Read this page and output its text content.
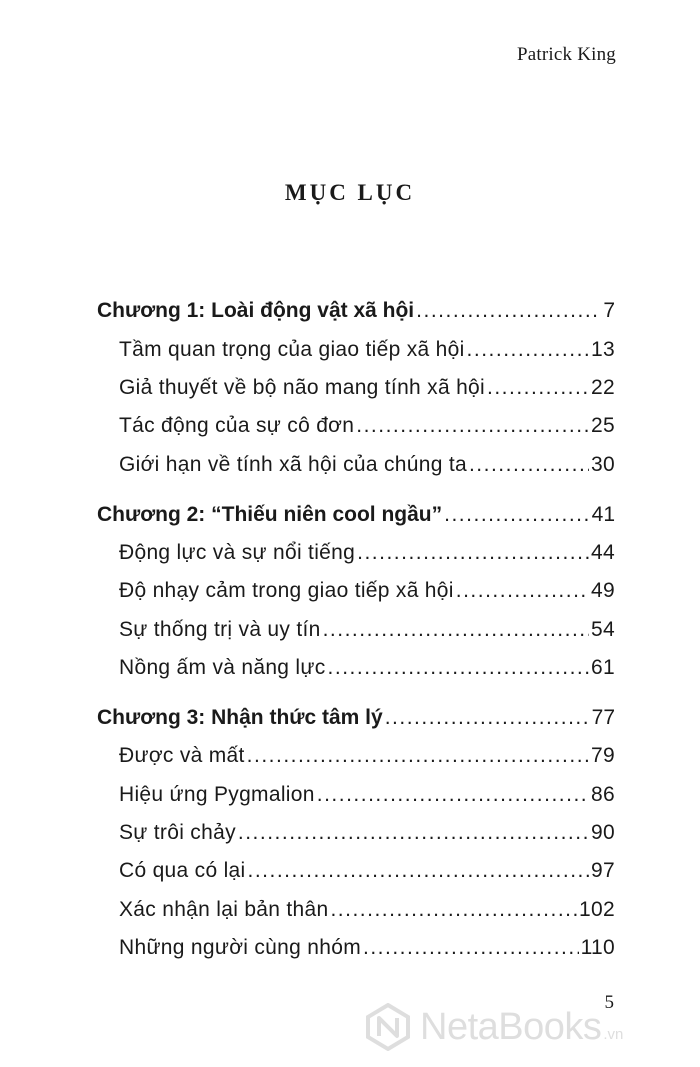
Patrick King
MỤC LỤC
Chương 1: Loài động vật xã hội .....	7
Tầm quan trọng của giao tiếp xã hội .....	13
Giả thuyết về bộ não mang tính xã hội .....	22
Tác động của sự cô đơn .....	25
Giới hạn về tính xã hội của chúng ta .....	30
Chương 2: “Thiếu niên cool ngầu” .....	41
Động lực và sự nổi tiếng .....	44
Độ nhạy cảm trong giao tiếp xã hội .....	49
Sự thống trị và uy tín .....	54
Nồng ấm và năng lực .....	61
Chương 3: Nhận thức tâm lý .....	77
Được và mất .....	79
Hiệu ứng Pygmalion .....	86
Sự trôi chảy .....	90
Có qua có lại .....	97
Xác nhận lại bản thân .....	102
Những người cùng nhóm .....	110
5
NetaBooks .vn
